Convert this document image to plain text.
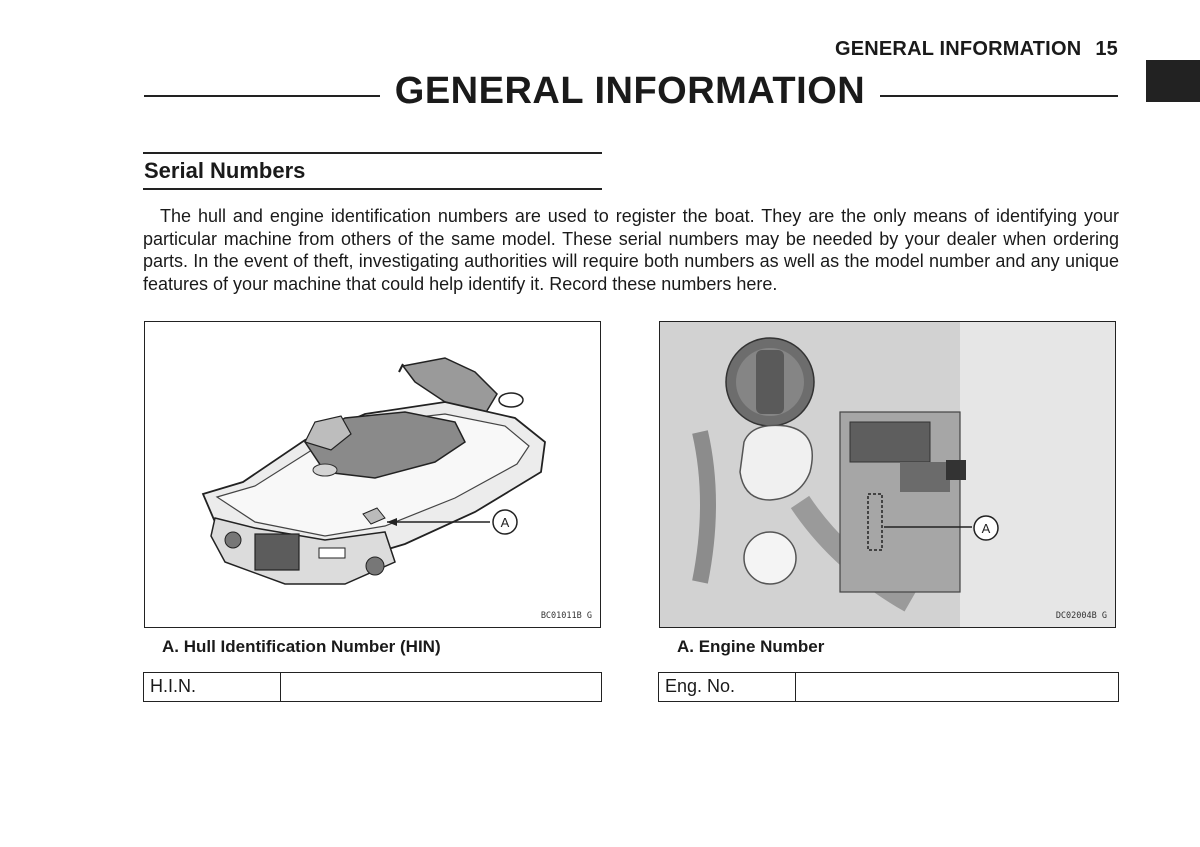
GENERAL INFORMATION 15
GENERAL INFORMATION
Serial Numbers

The hull and engine identification numbers are used to register the boat. They are the only means of identifying your particular machine from others of the same model. These serial numbers may be needed by your dealer when ordering parts. In the event of theft, investigating authorities will require both numbers as well as the model number and any unique features of your machine that could help identify it. Record these numbers here.

A
BC01011B G
A
DC02004B G
A. Hull Identification Number (HIN)	A. Engine Number
H.I.N.	Eng. No.
